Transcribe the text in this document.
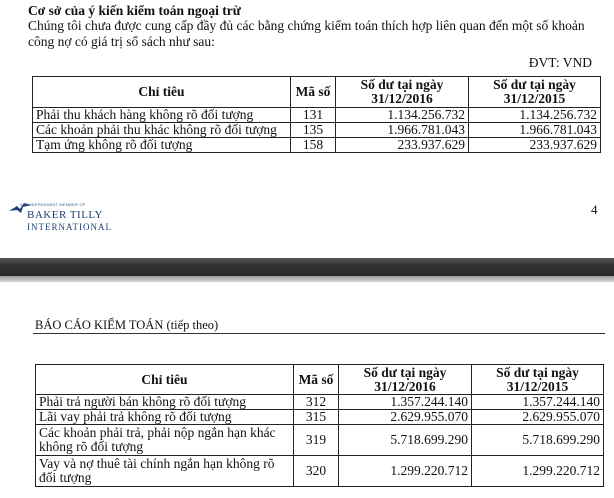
Cơ sở của ý kiến kiểm toán ngoại trừ
Chúng tôi chưa được cung cấp đầy đủ các bằng chứng kiểm toán thích hợp liên quan đến một số khoản công nợ có giá trị sổ sách như sau:
ĐVT: VND
Chỉ tiêu	Mã số	Số dư tại ngày 31/12/2016	Số dư tại ngày 31/12/2015
Phải thu khách hàng không rõ đối tượng	131	1.134.256.732	1.134.256.732
Các khoản phải thu khác không rõ đối tượng	135	1.966.781.043	1.966.781.043
Tạm ứng không rõ đối tượng	158	233.937.629	233.937.629
AN INDEPENDENT MEMBER OF
BAKER TILLY
INTERNATIONAL
4
BÁO CÁO KIỂM TOÁN (tiếp theo)
Chỉ tiêu	Mã số	Số dư tại ngày 31/12/2016	Số dư tại ngày 31/12/2015
Phải trả người bán không rõ đối tượng	312	1.357.244.140	1.357.244.140
Lãi vay phải trả không rõ đối tượng	315	2.629.955.070	2.629.955.070
Các khoản phải trả, phải nộp ngắn hạn khác không rõ đối tượng	319	5.718.699.290	5.718.699.290
Vay và nợ thuê tài chính ngắn hạn không rõ đối tượng	320	1.299.220.712	1.299.220.712
